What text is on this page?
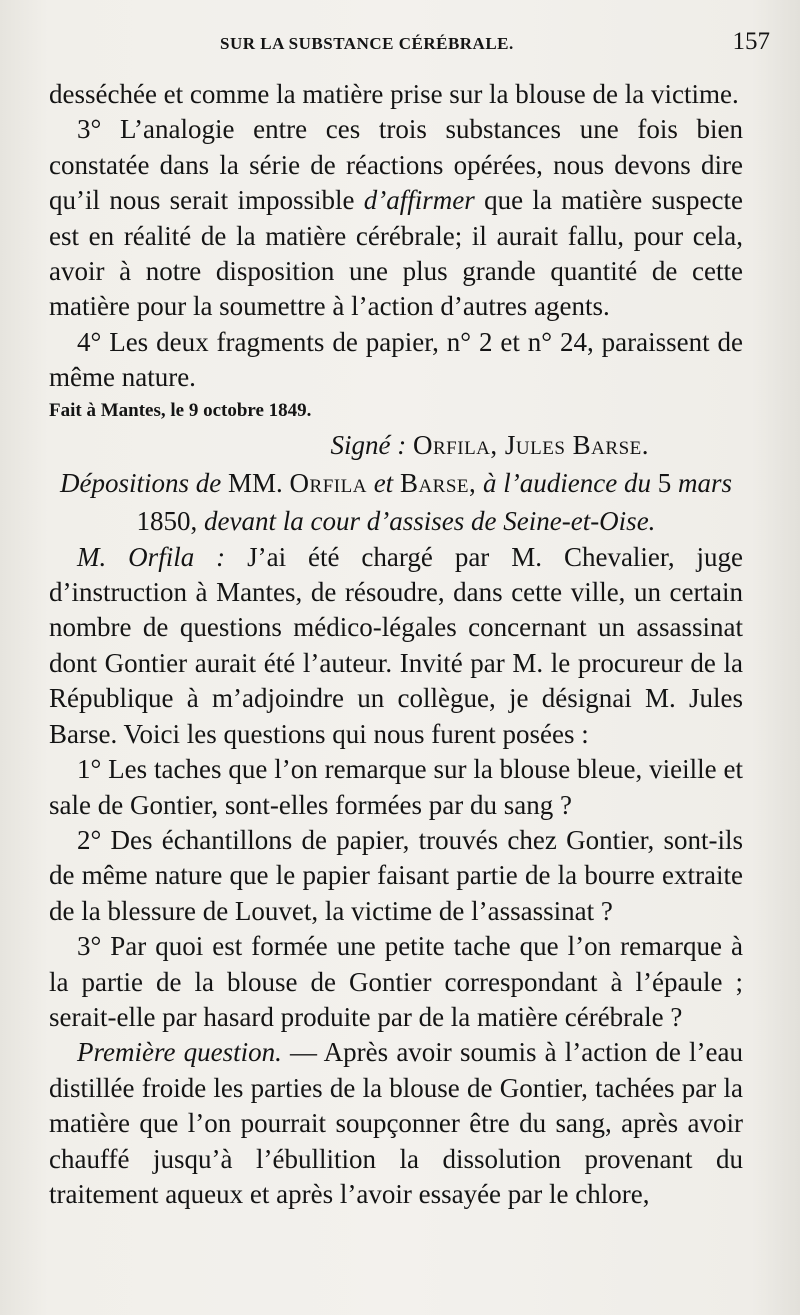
SUR LA SUBSTANCE CÉRÉBRALE.	157

desséchée et comme la matière prise sur la blouse de la victime.

3° L’analogie entre ces trois substances une fois bien constatée dans la série de réactions opérées, nous devons dire qu’il nous serait impossible d’affirmer que la matière suspecte est en réalité de la matière cérébrale; il aurait fallu, pour cela, avoir à notre disposition une plus grande quantité de cette matière pour la soumettre à l’action d’autres agents.

4° Les deux fragments de papier, n° 2 et n° 24, paraissent de même nature.

Fait à Mantes, le 9 octobre 1849.

Signé : Orfila, Jules Barse.

Dépositions de MM. Orfila et Barse, à l’audience du 5 mars
1850, devant la cour d’assises de Seine-et-Oise.

M. Orfila : J’ai été chargé par M. Chevalier, juge d’instruction à Mantes, de résoudre, dans cette ville, un certain nombre de questions médico-légales concernant un assassinat dont Gontier aurait été l’auteur. Invité par M. le procureur de la République à m’adjoindre un collègue, je désignai M. Jules Barse. Voici les questions qui nous furent posées :

1° Les taches que l’on remarque sur la blouse bleue, vieille et sale de Gontier, sont-elles formées par du sang ?

2° Des échantillons de papier, trouvés chez Gontier, sont-ils de même nature que le papier faisant partie de la bourre extraite de la blessure de Louvet, la victime de l’assassinat ?

3° Par quoi est formée une petite tache que l’on remarque à la partie de la blouse de Gontier correspondant à l’épaule ; serait-elle par hasard produite par de la matière cérébrale ?

Première question. — Après avoir soumis à l’action de l’eau distillée froide les parties de la blouse de Gontier, tachées par la matière que l’on pourrait soupçonner être du sang, après avoir chauffé jusqu’à l’ébullition la dissolution provenant du traitement aqueux et après l’avoir essayée par le chlore,
